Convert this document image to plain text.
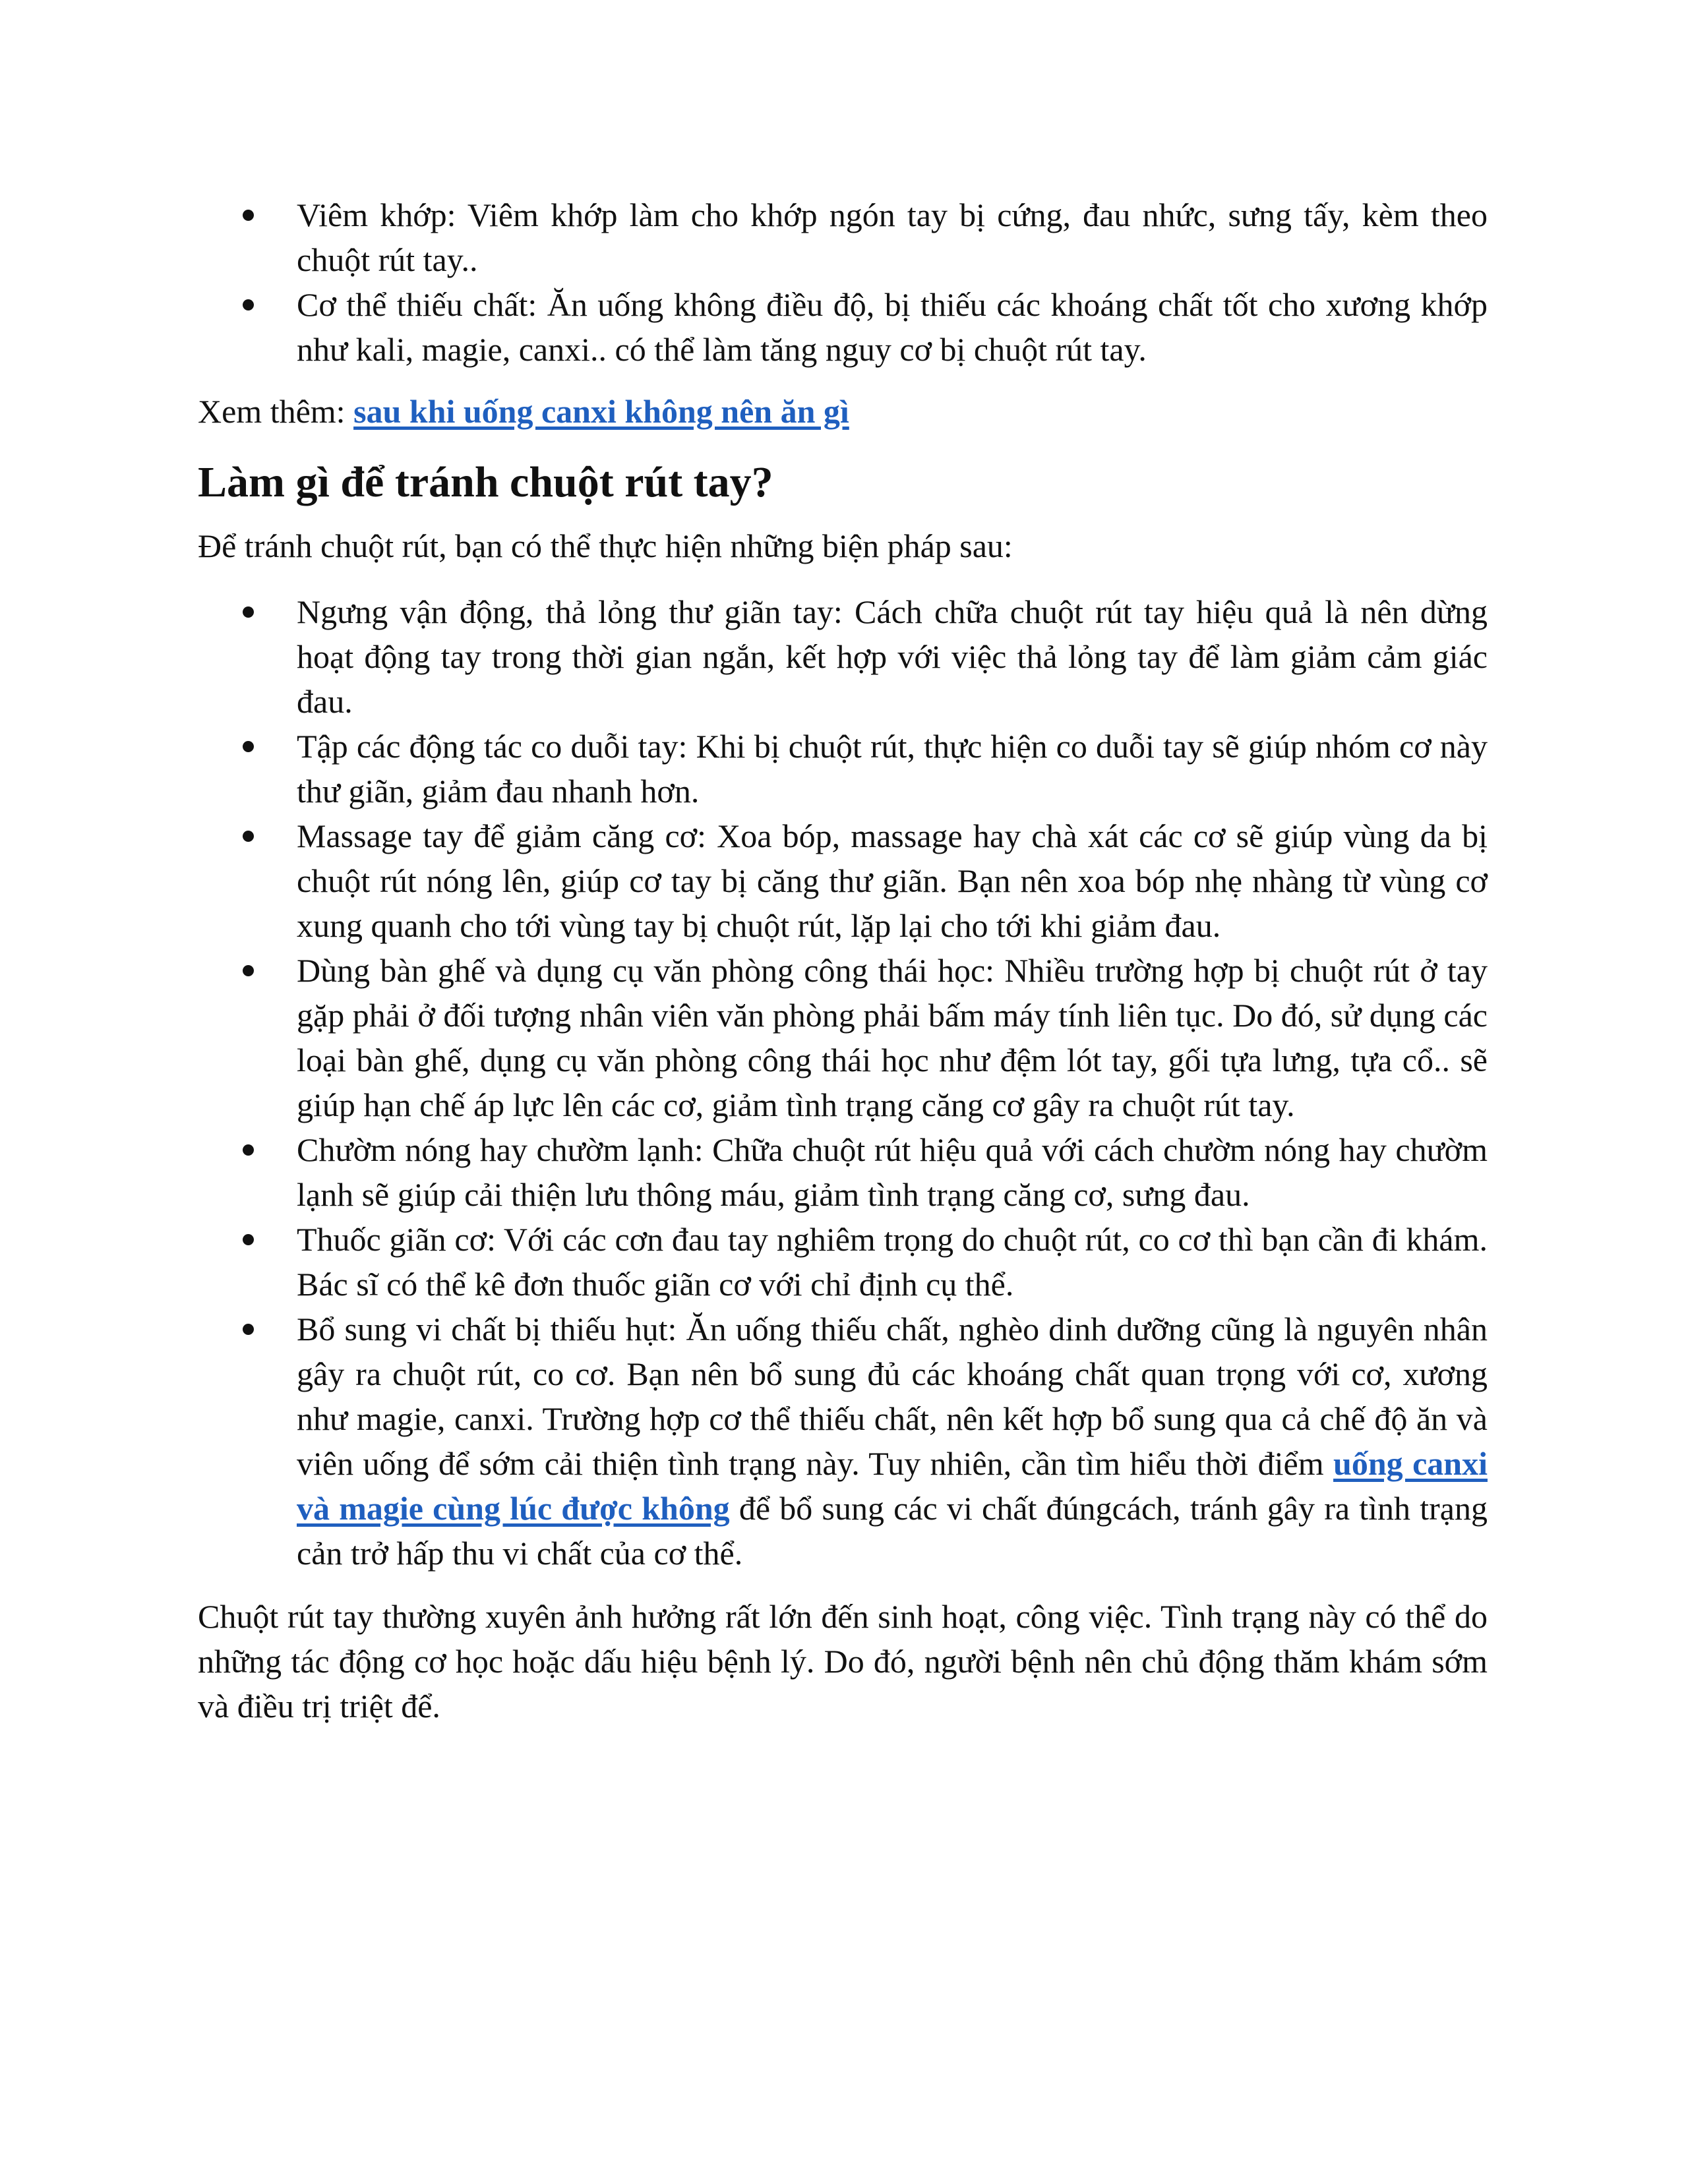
Viêm khớp: Viêm khớp làm cho khớp ngón tay bị cứng, đau nhức, sưng tấy, kèm theo chuột rút tay..
Cơ thể thiếu chất: Ăn uống không điều độ, bị thiếu các khoáng chất tốt cho xương khớp như kali, magie, canxi.. có thể làm tăng nguy cơ bị chuột rút tay.

Xem thêm: sau khi uống canxi không nên ăn gì

Làm gì để tránh chuột rút tay?

Để tránh chuột rút, bạn có thể thực hiện những biện pháp sau:

Ngưng vận động, thả lỏng thư giãn tay: Cách chữa chuột rút tay hiệu quả là nên dừng hoạt động tay trong thời gian ngắn, kết hợp với việc thả lỏng tay để làm giảm cảm giác đau.
Tập các động tác co duỗi tay: Khi bị chuột rút, thực hiện co duỗi tay sẽ giúp nhóm cơ này thư giãn, giảm đau nhanh hơn.
Massage tay để giảm căng cơ: Xoa bóp, massage hay chà xát các cơ sẽ giúp vùng da bị chuột rút nóng lên, giúp cơ tay bị căng thư giãn. Bạn nên xoa bóp nhẹ nhàng từ vùng cơ xung quanh cho tới vùng tay bị chuột rút, lặp lại cho tới khi giảm đau.
Dùng bàn ghế và dụng cụ văn phòng công thái học: Nhiều trường hợp bị chuột rút ở tay gặp phải ở đối tượng nhân viên văn phòng phải bấm máy tính liên tục. Do đó, sử dụng các loại bàn ghế, dụng cụ văn phòng công thái học như đệm lót tay, gối tựa lưng, tựa cổ.. sẽ giúp hạn chế áp lực lên các cơ, giảm tình trạng căng cơ gây ra chuột rút tay.
Chườm nóng hay chườm lạnh: Chữa chuột rút hiệu quả với cách chườm nóng hay chườm lạnh sẽ giúp cải thiện lưu thông máu, giảm tình trạng căng cơ, sưng đau.
Thuốc giãn cơ: Với các cơn đau tay nghiêm trọng do chuột rút, co cơ thì bạn cần đi khám. Bác sĩ có thể kê đơn thuốc giãn cơ với chỉ định cụ thể.
Bổ sung vi chất bị thiếu hụt: Ăn uống thiếu chất, nghèo dinh dưỡng cũng là nguyên nhân gây ra chuột rút, co cơ. Bạn nên bổ sung đủ các khoáng chất quan trọng với cơ, xương như magie, canxi. Trường hợp cơ thể thiếu chất, nên kết hợp bổ sung qua cả chế độ ăn và viên uống để sớm cải thiện tình trạng này. Tuy nhiên, cần tìm hiểu thời điểm uống canxi và magie cùng lúc được không để bổ sung các vi chất đúngcách, tránh gây ra tình trạng cản trở hấp thu vi chất của cơ thể.

Chuột rút tay thường xuyên ảnh hưởng rất lớn đến sinh hoạt, công việc. Tình trạng này có thể do những tác động cơ học hoặc dấu hiệu bệnh lý. Do đó, người bệnh nên chủ động thăm khám sớm và điều trị triệt để.
